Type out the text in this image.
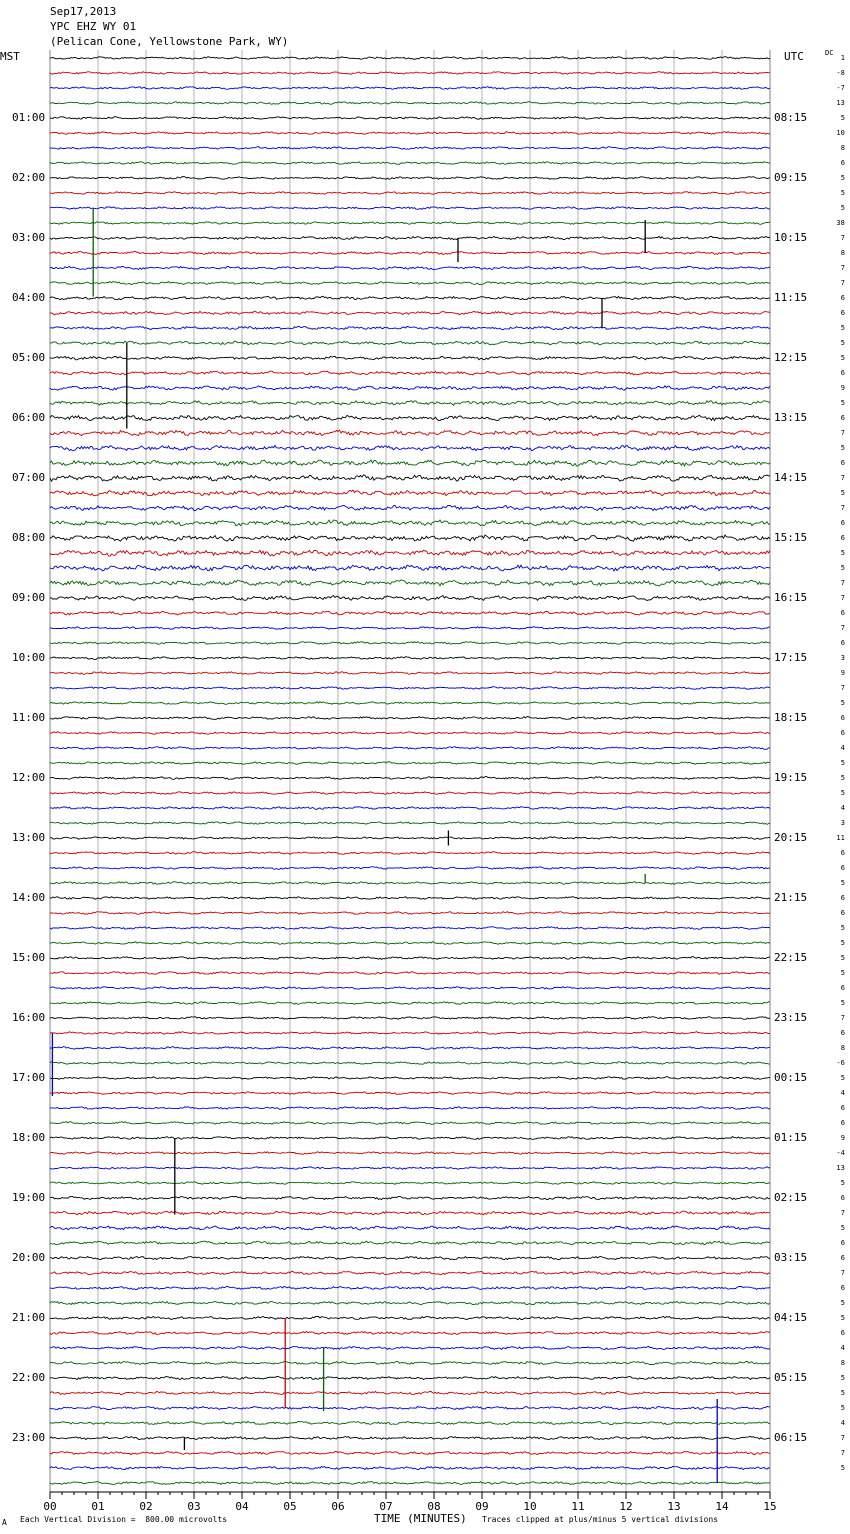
Sep17,2013
YPC EHZ WY 01
(Pelican Cone, Yellowstone Park, WY)
MST	UTC	DC
01:00
02:00
03:00
04:00
05:00
06:00
07:00
08:00
09:00
10:00
11:00
12:00
13:00
14:00
15:00
16:00
17:00
18:00
19:00
20:00
21:00
22:00
23:00
08:15
09:15
10:15
11:15
12:15
13:15
14:15
15:15
16:15
17:15
18:15
19:15
20:15
21:15
22:15
23:15
00:15
01:15
02:15
03:15
04:15
05:15
06:15
1
-8
-7
13
5
10
8
6
5
5
5
38
7
8
7
7
6
6
5
5
5
6
9
5
6
7
5
6
7
5
7
6
6
5
5
7
7
6
7
6
3
9
7
5
6
6
4
5
5
5
4
3
11
6
6
5
6
6
5
5
5
5
6
5
7
6
8
-6
5
4
6
6
9
-4
13
5
6
7
5
6
6
7
6
5
5
6
4
8
5
5
5
4
7
7
5
00	01	02	03	04	05	06	07	08	09	10	11	12	13	14	15
A Each Vertical Division =  800.00 microvolts	TIME (MINUTES) Traces clipped at plus/minus 5 vertical divisions
